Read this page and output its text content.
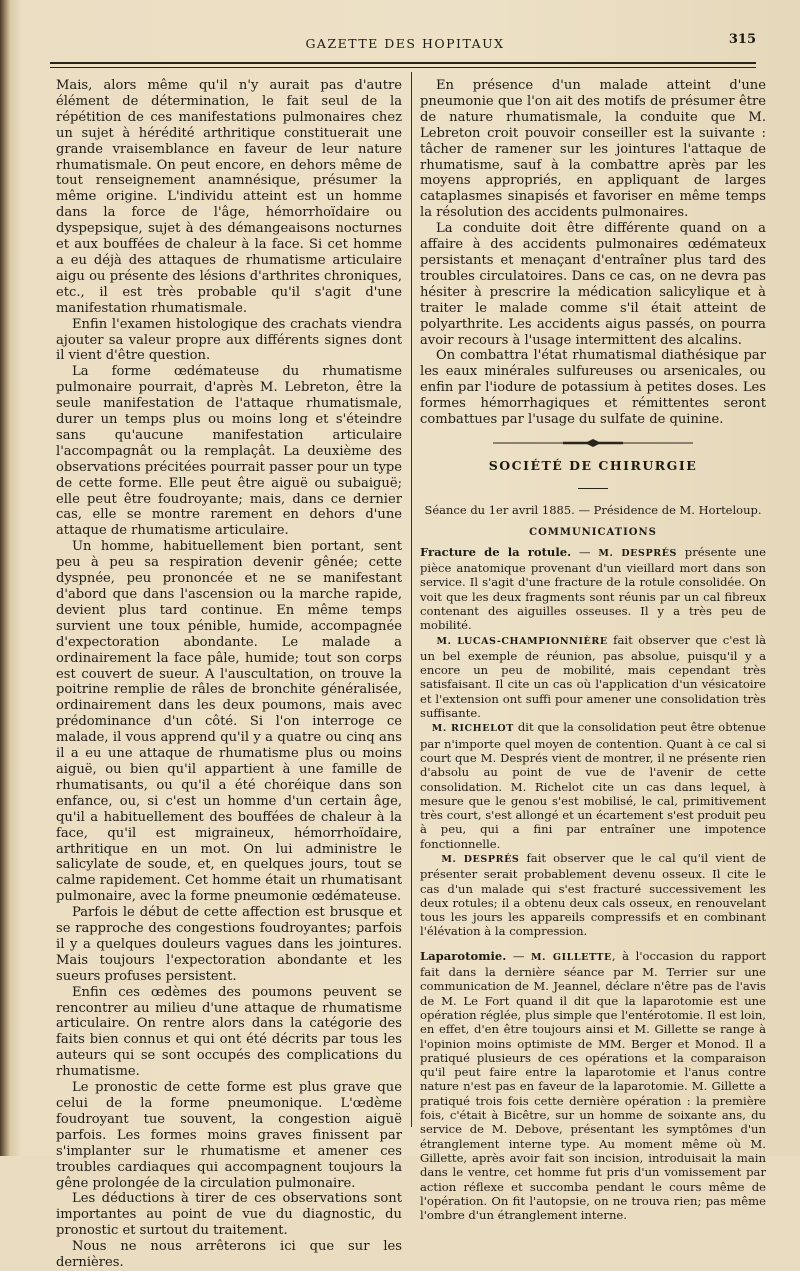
GAZETTE DES HOPITAUX	315

Mais, alors même qu'il n'y aurait pas d'autre élément de détermination, le fait seul de la répétition de ces manifestations pulmonaires chez un sujet à hérédité arthritique constituerait une grande vraisemblance en faveur de leur nature rhumatismale. On peut encore, en dehors même de tout renseignement anamnésique, présumer la même origine. L'individu atteint est un homme dans la force de l'âge, hémorrhoïdaire ou dyspepsique, sujet à des démangeaisons nocturnes et aux bouffées de chaleur à la face. Si cet homme a eu déjà des attaques de rhumatisme articulaire aigu ou présente des lésions d'arthrites chroniques, etc., il est très probable qu'il s'agit d'une manifestation rhumatismale.

Enfin l'examen histologique des crachats viendra ajouter sa valeur propre aux différents signes dont il vient d'être question.

La forme œdémateuse du rhumatisme pulmonaire pourrait, d'après M. Lebreton, être la seule manifestation de l'attaque rhumatismale, durer un temps plus ou moins long et s'éteindre sans qu'aucune manifestation articulaire l'accompagnât ou la remplaçât. La deuxième des observations précitées pourrait passer pour un type de cette forme. Elle peut être aiguë ou subaiguë; elle peut être foudroyante; mais, dans ce dernier cas, elle se montre rarement en dehors d'une attaque de rhumatisme articulaire.

Un homme, habituellement bien portant, sent peu à peu sa respiration devenir gênée; cette dyspnée, peu prononcée et ne se manifestant d'abord que dans l'ascension ou la marche rapide, devient plus tard continue. En même temps survient une toux pénible, humide, accompagnée d'expectoration abondante. Le malade a ordinairement la face pâle, humide; tout son corps est couvert de sueur. A l'auscultation, on trouve la poitrine remplie de râles de bronchite généralisée, ordinairement dans les deux poumons, mais avec prédominance d'un côté. Si l'on interroge ce malade, il vous apprend qu'il y a quatre ou cinq ans il a eu une attaque de rhumatisme plus ou moins aiguë, ou bien qu'il appartient à une famille de rhumatisants, ou qu'il a été choréique dans son enfance, ou, si c'est un homme d'un certain âge, qu'il a habituellement des bouffées de chaleur à la face, qu'il est migraineux, hémorrhoïdaire, arthritique en un mot. On lui administre le salicylate de soude, et, en quelques jours, tout se calme rapidement. Cet homme était un rhumatisant pulmonaire, avec la forme pneumonie œdémateuse.

Parfois le début de cette affection est brusque et se rapproche des congestions foudroyantes; parfois il y a quelques douleurs vagues dans les jointures. Mais toujours l'expectoration abondante et les sueurs profuses persistent.

Enfin ces œdèmes des poumons peuvent se rencontrer au milieu d'une attaque de rhumatisme articulaire. On rentre alors dans la catégorie des faits bien connus et qui ont été décrits par tous les auteurs qui se sont occupés des complications du rhumatisme.

Le pronostic de cette forme est plus grave que celui de la forme pneumonique. L'œdème foudroyant tue souvent, la congestion aiguë parfois. Les formes moins graves finissent par s'implanter sur le rhumatisme et amener ces troubles cardiaques qui accompagnent toujours la gêne prolongée de la circulation pulmonaire.

Les déductions à tirer de ces observations sont importantes au point de vue du diagnostic, du pronostic et surtout du traitement.

Nous ne nous arrêterons ici que sur les dernières.

En présence d'un malade atteint d'une pneumonie que l'on ait des motifs de présumer être de nature rhumatismale, la conduite que M. Lebreton croit pouvoir conseiller est la suivante : tâcher de ramener sur les jointures l'attaque de rhumatisme, sauf à la combattre après par les moyens appropriés, en appliquant de larges cataplasmes sinapisés et favoriser en même temps la résolution des accidents pulmonaires.

La conduite doit être différente quand on a affaire à des accidents pulmonaires œdémateux persistants et menaçant d'entraîner plus tard des troubles circulatoires. Dans ce cas, on ne devra pas hésiter à prescrire la médication salicylique et à traiter le malade comme s'il était atteint de polyarthrite. Les accidents aigus passés, on pourra avoir recours à l'usage intermittent des alcalins.

On combattra l'état rhumatismal diathésique par les eaux minérales sulfureuses ou arsenicales, ou enfin par l'iodure de potassium à petites doses. Les formes hémorrhagiques et rémittentes seront combattues par l'usage du sulfate de quinine.

SOCIÉTÉ DE CHIRURGIE
Séance du 1er avril 1885. — Présidence de M. Horteloup.
COMMUNICATIONS

Fracture de la rotule. — M. DESPRÉS présente une pièce anatomique provenant d'un vieillard mort dans son service. Il s'agit d'une fracture de la rotule consolidée. On voit que les deux fragments sont réunis par un cal fibreux contenant des aiguilles osseuses. Il y a très peu de mobilité.

M. LUCAS-CHAMPIONNIÈRE fait observer que c'est là un bel exemple de réunion, pas absolue, puisqu'il y a encore un peu de mobilité, mais cependant très satisfaisant. Il cite un cas où l'application d'un vésicatoire et l'extension ont suffi pour amener une consolidation très suffisante.

M. RICHELOT dit que la consolidation peut être obtenue par n'importe quel moyen de contention. Quant à ce cal si court que M. Després vient de montrer, il ne présente rien d'absolu au point de vue de l'avenir de cette consolidation. M. Richelot cite un cas dans lequel, à mesure que le genou s'est mobilisé, le cal, primitivement très court, s'est allongé et un écartement s'est produit peu à peu, qui a fini par entraîner une impotence fonctionnelle.

M. DESPRÉS fait observer que le cal qu'il vient de présenter serait probablement devenu osseux. Il cite le cas d'un malade qui s'est fracturé successivement les deux rotules; il a obtenu deux cals osseux, en renouvelant tous les jours les appareils compressifs et en combinant l'élévation à la compression.

Laparotomie. — M. GILLETTE, à l'occasion du rapport fait dans la dernière séance par M. Terrier sur une communication de M. Jeannel, déclare n'être pas de l'avis de M. Le Fort quand il dit que la laparotomie est une opération réglée, plus simple que l'entérotomie. Il est loin, en effet, d'en être toujours ainsi et M. Gillette se range à l'opinion moins optimiste de MM. Berger et Monod. Il a pratiqué plusieurs de ces opérations et la comparaison qu'il peut faire entre la laparotomie et l'anus contre nature n'est pas en faveur de la laparotomie. M. Gillette a pratiqué trois fois cette dernière opération : la première fois, c'était à Bicêtre, sur un homme de soixante ans, du service de M. Debove, présentant les symptômes d'un étranglement interne type. Au moment même où M. Gillette, après avoir fait son incision, introduisait la main dans le ventre, cet homme fut pris d'un vomissement par action réflexe et succomba pendant le cours même de l'opération. On fit l'autopsie, on ne trouva rien; pas même l'ombre d'un étranglement interne.
